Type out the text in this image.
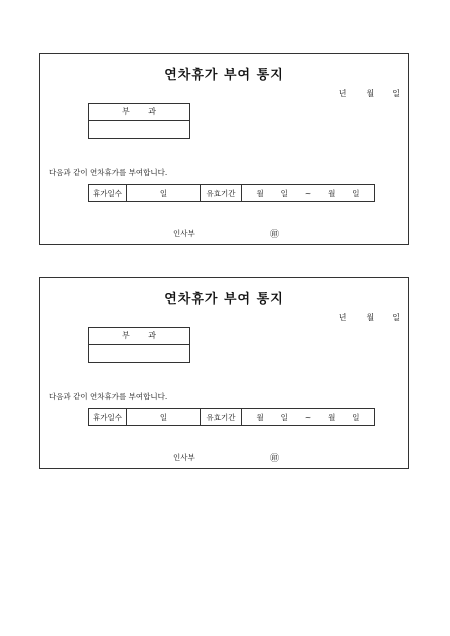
연차휴가 부여 통지
년	월 일
부 과
다음과 같이 연차휴가를 부여합니다.
휴가일수	일	유효기간	월 일 ~ 월 일
인사부	㊞
연차휴가 부여 통지
년	월 일
부 과
다음과 같이 연차휴가를 부여합니다.
휴가일수	일	유효기간	월 일 ~ 월 일
인사부	㊞
